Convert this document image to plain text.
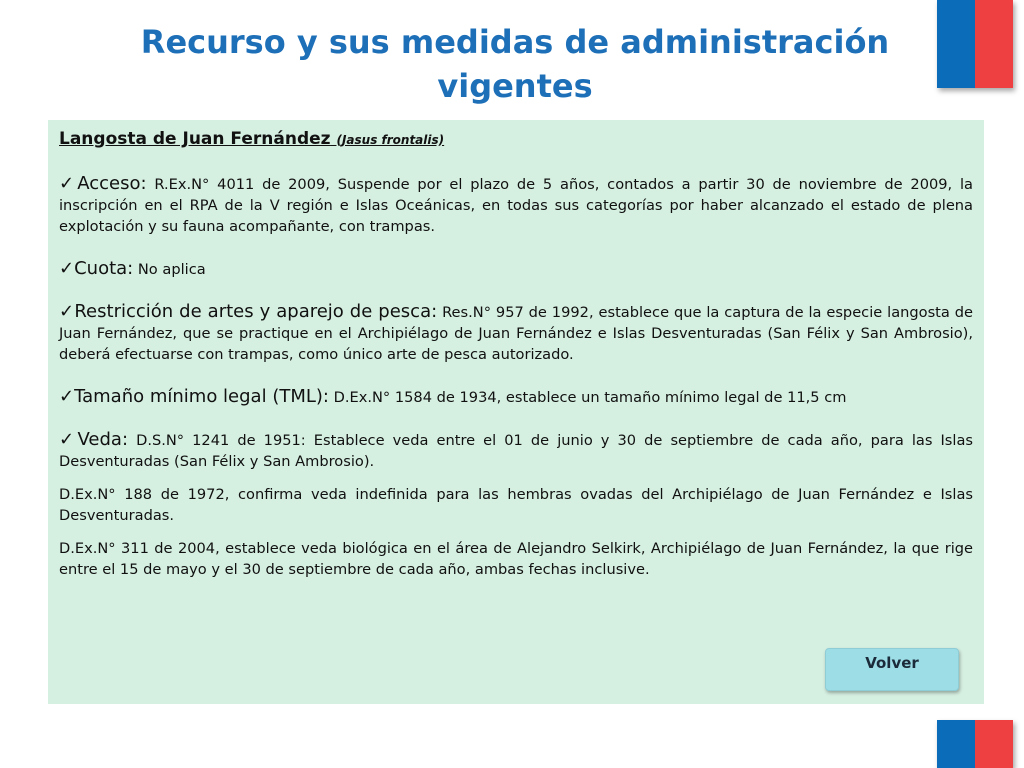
Recurso y sus medidas de administración vigentes

Langosta de Juan Fernández (Jasus frontalis)

✓Acceso: R.Ex.N° 4011 de 2009, Suspende por el plazo de 5 años, contados a partir 30 de noviembre de 2009, la inscripción en el RPA de la V región e Islas Oceánicas, en todas sus categorías por haber alcanzado el estado de plena explotación y su fauna acompañante, con trampas.

✓Cuota: No aplica

✓Restricción de artes y aparejo de pesca: Res.N° 957 de 1992, establece que la captura de la especie langosta de Juan Fernández, que se practique en el Archipiélago de Juan Fernández e Islas Desventuradas (San Félix y San Ambrosio), deberá efectuarse con trampas, como único arte de pesca autorizado.

✓Tamaño mínimo legal (TML): D.Ex.N° 1584 de 1934, establece un tamaño mínimo legal de 11,5 cm

✓Veda: D.S.N° 1241 de 1951: Establece veda entre el 01 de junio y 30 de septiembre de cada año, para las Islas Desventuradas (San Félix y San Ambrosio).

D.Ex.N° 188 de 1972, confirma veda indefinida para las hembras ovadas del Archipiélago de Juan Fernández e Islas Desventuradas.

D.Ex.N° 311 de 2004, establece veda biológica en el área de Alejandro Selkirk, Archipiélago de Juan Fernández, la que rige entre el 15 de mayo y el 30 de septiembre de cada año, ambas fechas inclusive.

Volver
